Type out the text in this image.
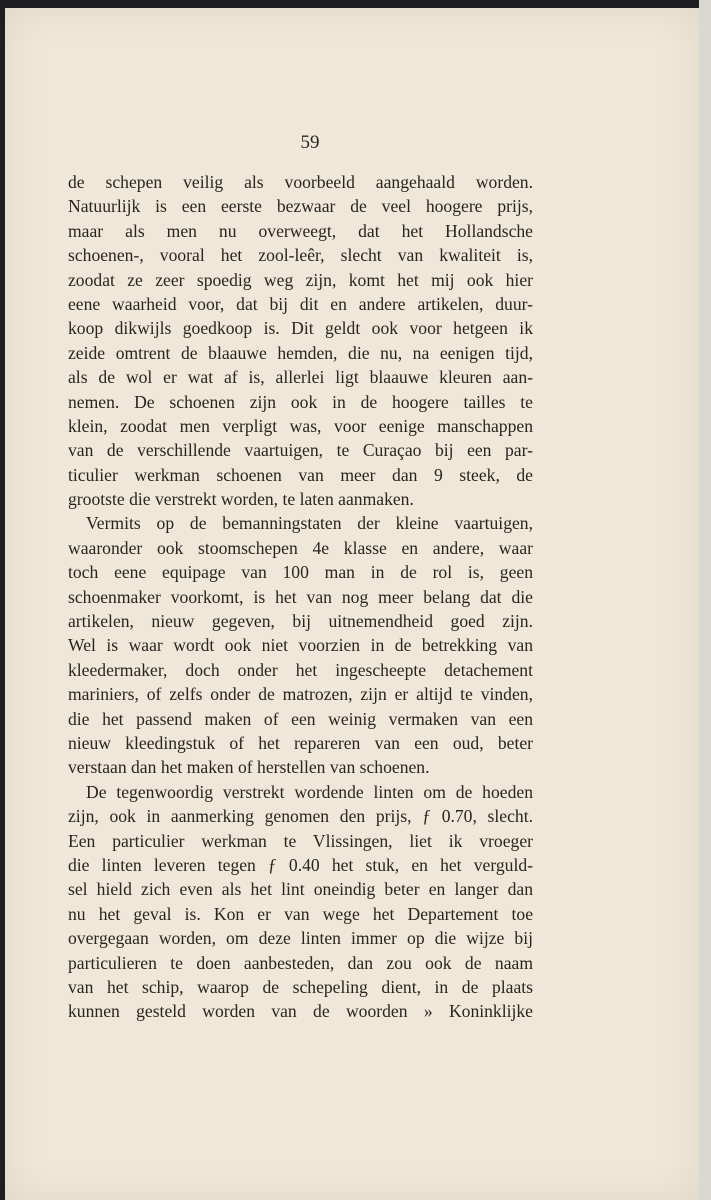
59
de schepen veilig als voorbeeld aangehaald worden.
Natuurlijk is een eerste bezwaar de veel hoogere prijs,
maar als men nu overweegt, dat het Hollandsche
schoenen-, vooral het zool-leêr, slecht van kwaliteit is,
zoodat ze zeer spoedig weg zijn, komt het mij ook hier
eene waarheid voor, dat bij dit en andere artikelen, duur-
koop dikwijls goedkoop is. Dit geldt ook voor hetgeen ik
zeide omtrent de blaauwe hemden, die nu, na eenigen tijd,
als de wol er wat af is, allerlei ligt blaauwe kleuren aan-
nemen. De schoenen zijn ook in de hoogere tailles te
klein, zoodat men verpligt was, voor eenige manschappen
van de verschillende vaartuigen, te Curaçao bij een par-
ticulier werkman schoenen van meer dan 9 steek, de
grootste die verstrekt worden, te laten aanmaken.
Vermits op de bemanningstaten der kleine vaartuigen,
waaronder ook stoomschepen 4e klasse en andere, waar
toch eene equipage van 100 man in de rol is, geen
schoenmaker voorkomt, is het van nog meer belang dat die
artikelen, nieuw gegeven, bij uitnemendheid goed zijn.
Wel is waar wordt ook niet voorzien in de betrekking van
kleedermaker, doch onder het ingescheepte detachement
mariniers, of zelfs onder de matrozen, zijn er altijd te vinden,
die het passend maken of een weinig vermaken van een
nieuw kleedingstuk of het repareren van een oud, beter
verstaan dan het maken of herstellen van schoenen.
De tegenwoordig verstrekt wordende linten om de hoeden
zijn, ook in aanmerking genomen den prijs, ƒ 0.70, slecht.
Een particulier werkman te Vlissingen, liet ik vroeger
die linten leveren tegen ƒ 0.40 het stuk, en het verguld-
sel hield zich even als het lint oneindig beter en langer dan
nu het geval is. Kon er van wege het Departement toe
overgegaan worden, om deze linten immer op die wijze bij
particulieren te doen aanbesteden, dan zou ook de naam
van het schip, waarop de schepeling dient, in de plaats
kunnen gesteld worden van de woorden » Koninklijke
